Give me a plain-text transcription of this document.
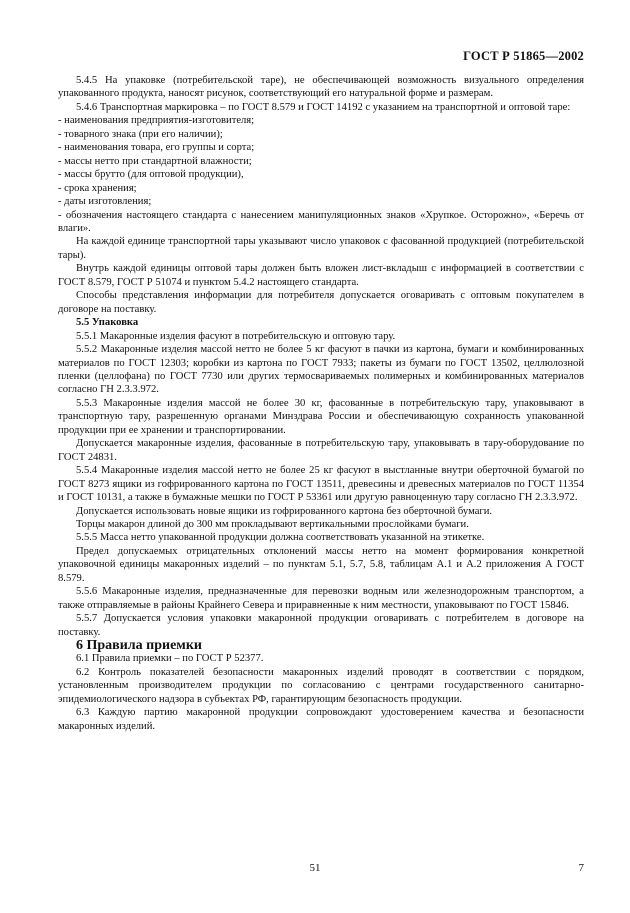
ГОСТ Р 51865—2002

5.4.5 На упаковке (потребительской таре), не обеспечивающей возможность визуального определения упакованного продукта, наносят рисунок, соответствующий его натуральной форме и размерам.

5.4.6 Транспортная маркировка – по ГОСТ 8.579 и ГОСТ 14192 с указанием на транспортной и оптовой таре:

- наименования предприятия-изготовителя;

- товарного знака (при его наличии);

- наименования товара, его группы и сорта;

- массы нетто при стандартной влажности;

- массы брутто (для оптовой продукции),

- срока хранения;

- даты изготовления;

- обозначения настоящего стандарта с нанесением манипуляционных знаков «Хрупкое. Осторожно», «Беречь от влаги».

На каждой единице транспортной тары указывают число упаковок с фасованной продукцией (потребительской тары).

Внутрь каждой единицы оптовой тары должен быть вложен лист-вкладыш с информацией в соответствии с ГОСТ 8.579, ГОСТ Р 51074 и пунктом 5.4.2 настоящего стандарта.

Способы представления информации для потребителя допускается оговаривать с оптовым покупателем в договоре на поставку.

5.5 Упаковка

5.5.1 Макаронные изделия фасуют в потребительскую и оптовую тару.

5.5.2 Макаронные изделия массой нетто не более 5 кг фасуют в пачки из картона, бумаги и комбинированных материалов по ГОСТ 12303; коробки из картона по ГОСТ 7933; пакеты из бумаги по ГОСТ 13502, целлюлозной пленки (целлофана) по ГОСТ 7730 или других термосвариваемых полимерных и комбинированных материалов согласно ГН 2.3.3.972.

5.5.3 Макаронные изделия массой не более 30 кг, фасованные в потребительскую тару, упаковывают в транспортную тару, разрешенную органами Минздрава России и обеспечивающую сохранность упакованной продукции при ее хранении и транспортировании.

Допускается макаронные изделия, фасованные в потребительскую тару, упаковывать в тару-оборудование по ГОСТ 24831.

5.5.4 Макаронные изделия массой нетто не более 25 кг фасуют в выстланные внутри оберточной бумагой по ГОСТ 8273 ящики из гофрированного картона по ГОСТ 13511, древесины и древесных материалов по ГОСТ 11354 и ГОСТ 10131, а также в бумажные мешки по ГОСТ Р 53361 или другую равноценную тару согласно ГН 2.3.3.972.

Допускается использовать новые ящики из гофрированного картона без оберточной бумаги.

Торцы макарон длиной до 300 мм прокладывают вертикальными прослойками бумаги.

5.5.5 Масса нетто упакованной продукции должна соответствовать указанной на этикетке.

Предел допускаемых отрицательных отклонений массы нетто на момент формирования конкретной упаковочной единицы макаронных изделий – по пунктам 5.1, 5.7, 5.8, таблицам А.1 и А.2 приложения А ГОСТ 8.579.

5.5.6 Макаронные изделия, предназначенные для перевозки водным или железнодорожным транспортом, а также отправляемые в районы Крайнего Севера и приравненные к ним местности, упаковывают по ГОСТ 15846.

5.5.7 Допускается условия упаковки макаронной продукции оговаривать с потребителем в договоре на поставку.

6 Правила приемки

6.1 Правила приемки – по ГОСТ Р 52377.

6.2 Контроль показателей безопасности макаронных изделий проводят в соответствии с порядком, установленным производителем продукции по согласованию с центрами государственного санитарно-эпидемиологического надзора в субъектах РФ, гарантирующим безопасность продукции.

6.3 Каждую партию макаронной продукции сопровождают удостоверением качества и безопасности макаронных изделий.

51	7
